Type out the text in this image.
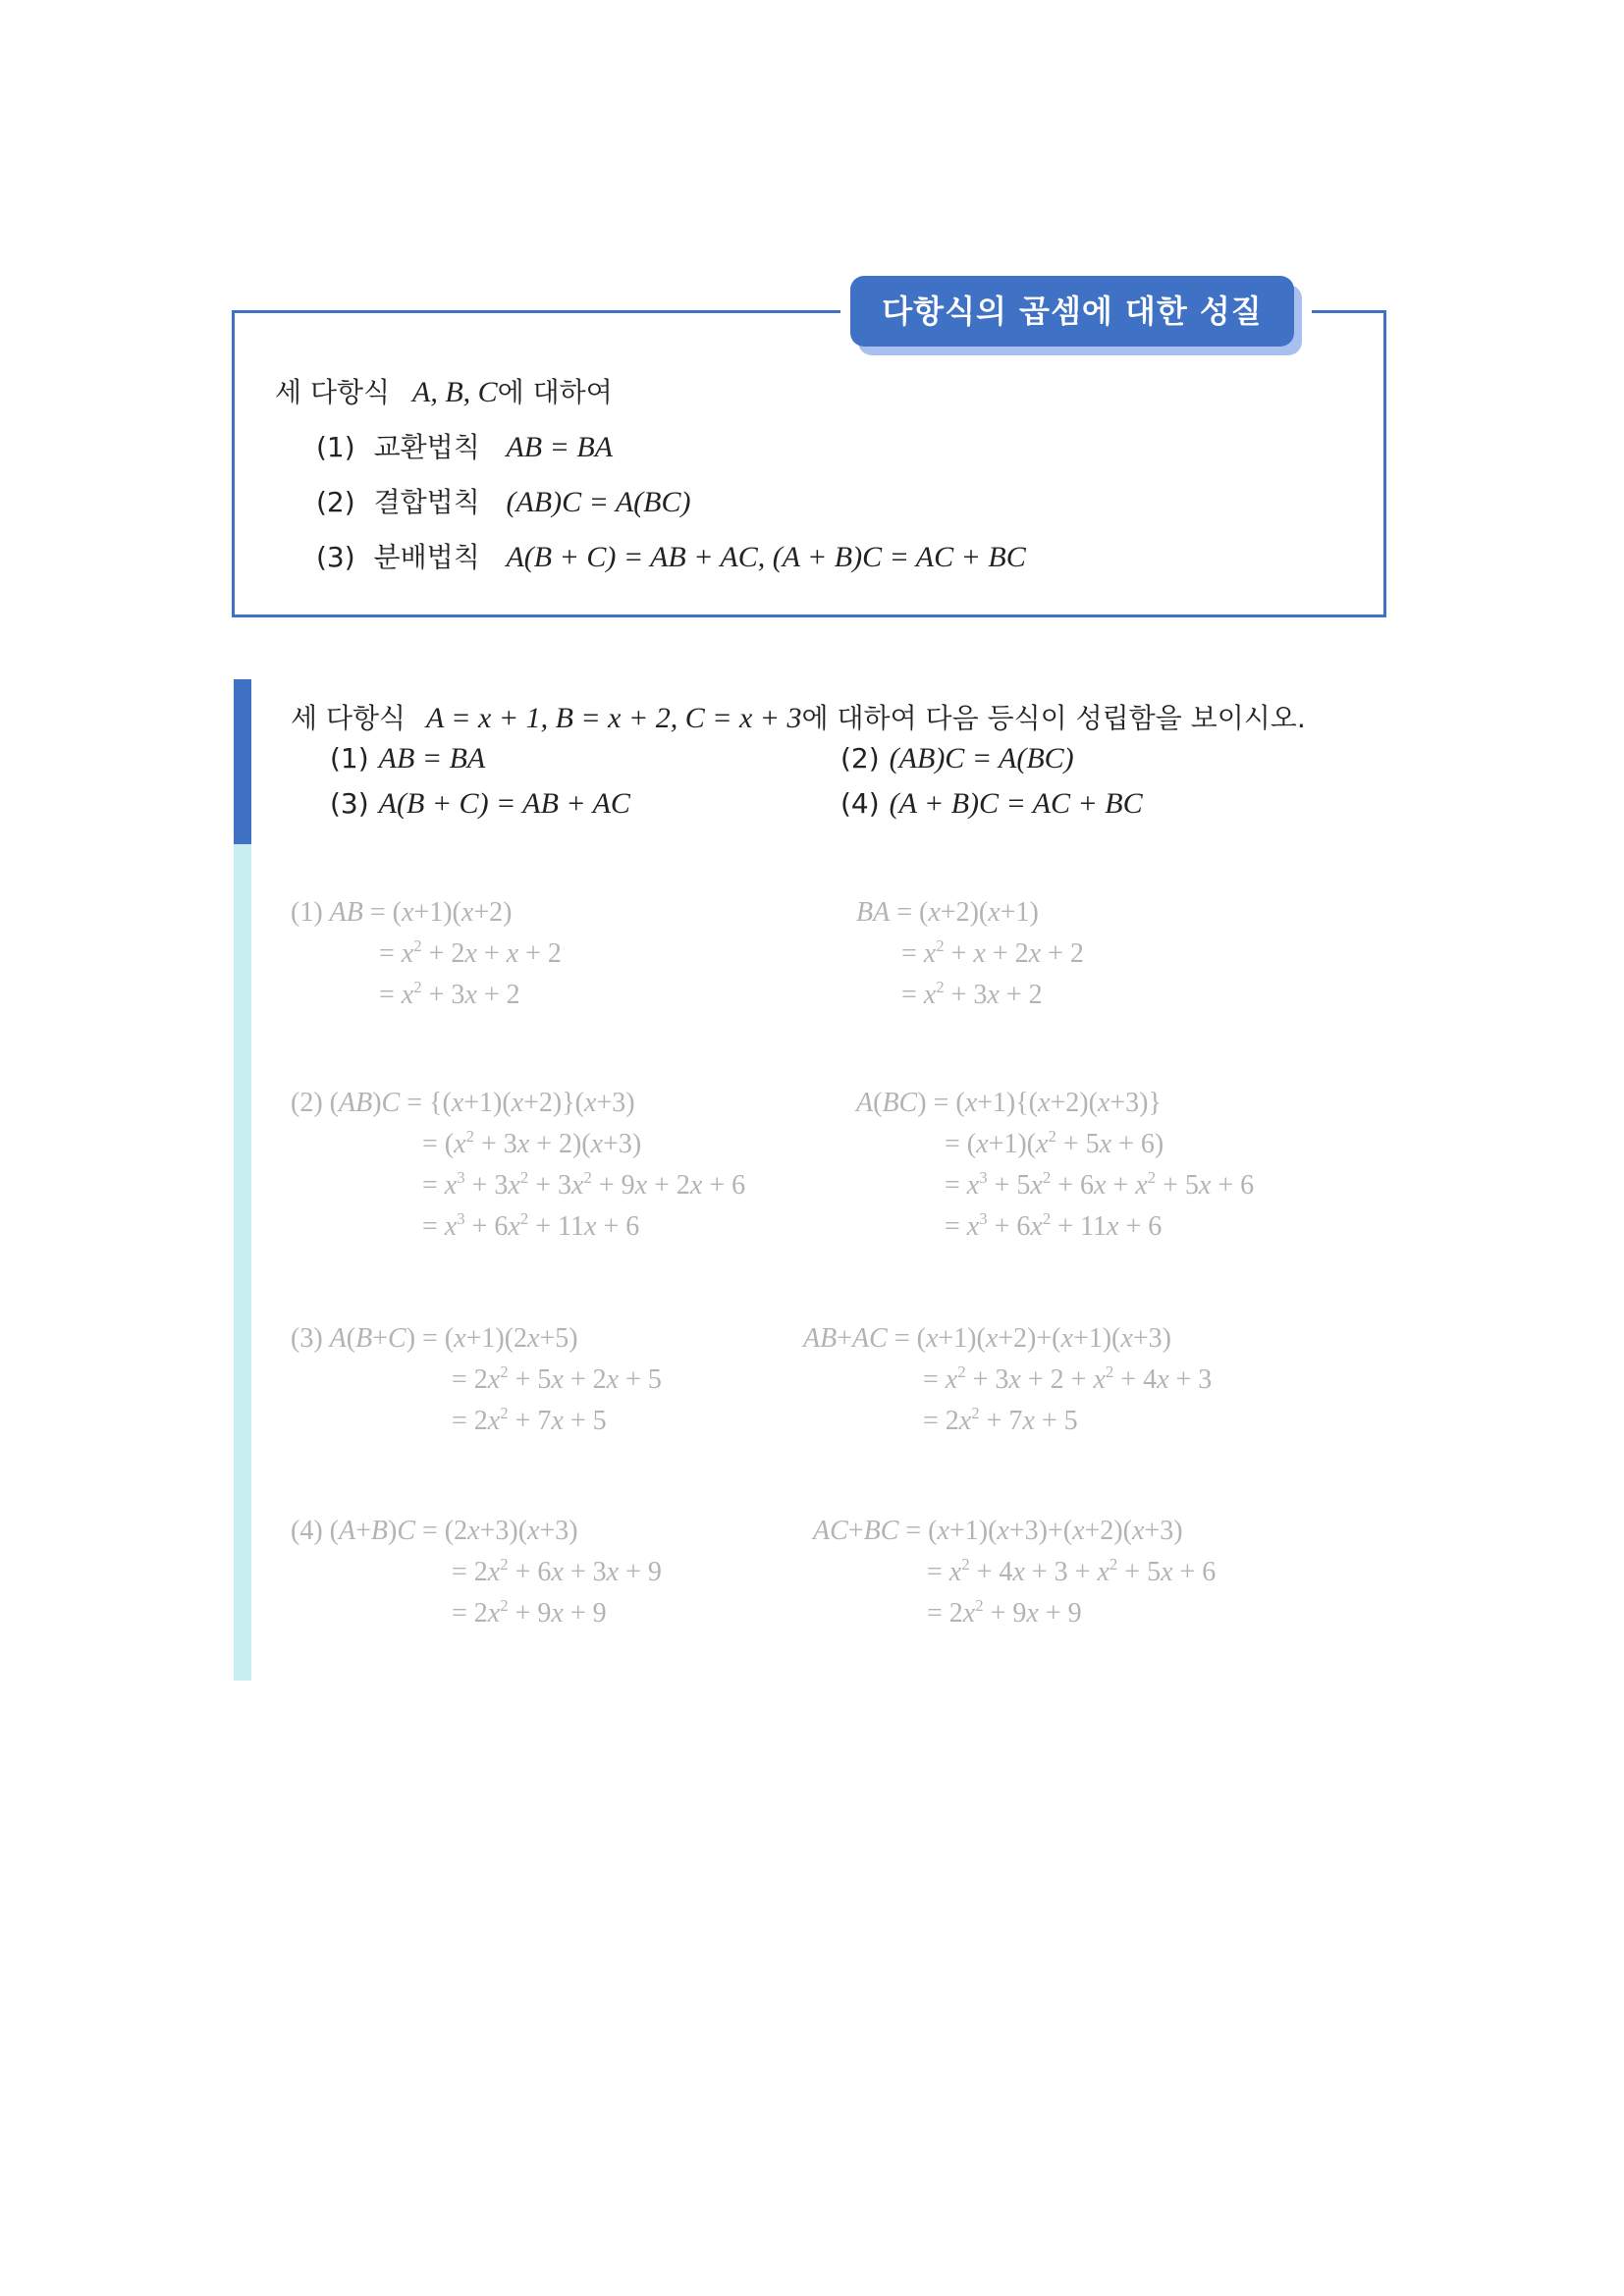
다항식의 곱셈에 대한 성질
세 다항식 A, B, C에 대하여
(1) 교환법칙 AB = BA
(2) 결합법칙 (AB)C = A(BC)
(3) 분배법칙 A(B + C) = AB + AC, (A + B)C = AC + BC
세 다항식 A = x + 1, B = x + 2, C = x + 3에 대하여 다음 등식이 성립함을 보이시오.
(1) AB = BA	(2) (AB)C = A(BC)
(3) A(B + C) = AB + AC	(4) (A + B)C = AC + BC
(1) AB = (x+1)(x+2)
= $x^2 + 2x + x + 2$
= $x^2 + 3x + 2$
BA = (x+2)(x+1)
= $x^2 + x + 2x + 2$
= $x^2 + 3x + 2$
(2) (AB)C = {(x+1)(x+2)}(x+3)
= $(x^2 + 3x + 2)(x+3)$
= $x^3 + 3x^2 + 3x^2 + 9x + 2x + 6$
= $x^3 + 6x^2 + 11x + 6$
A(BC) = (x+1){(x+2)(x+3)}
= $(x+1)(x^2 + 5x + 6)$
= $x^3 + 5x^2 + 6x + x^2 + 5x + 6$
= $x^3 + 6x^2 + 11x + 6$
(3) A(B+C) = (x+1)(2x+5)
= $2x^2 + 5x + 2x + 5$
= $2x^2 + 7x + 5$
AB+AC = (x+1)(x+2)+(x+1)(x+3)
= $x^2 + 3x + 2 + x^2 + 4x + 3$
= $2x^2 + 7x + 5$
(4) (A+B)C = (2x+3)(x+3)
= $2x^2 + 6x + 3x + 9$
= $2x^2 + 9x + 9$
AC+BC = (x+1)(x+3)+(x+2)(x+3)
= $x^2 + 4x + 3 + x^2 + 5x + 6$
= $2x^2 + 9x + 9$
